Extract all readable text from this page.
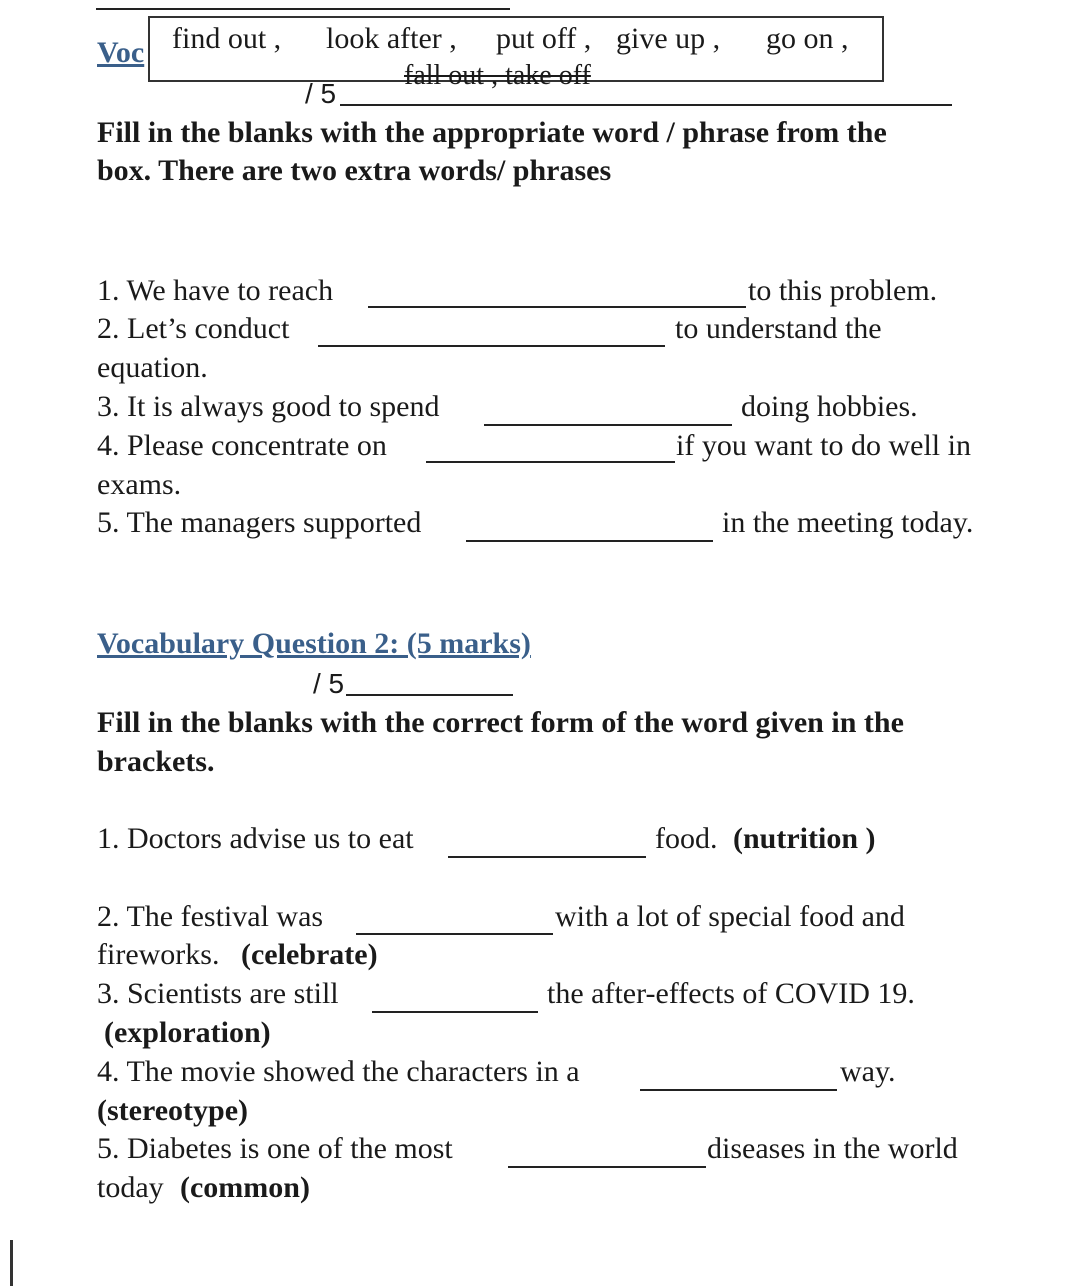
Voc find out , look after , put off , give up , go on ,
fall out , take off
/ 5
Fill in the blanks with the appropriate word / phrase from the
box. There are two extra words/ phrases
1. We have to reach	to this problem.
2. Let’s conduct	to understand the
equation.
3. It is always good to spend	doing hobbies.
4. Please concentrate on	if you want to do well in
exams.
5. The managers supported	in the meeting today.
Vocabulary Question 2: (5 marks)
/ 5
Fill in the blanks with the correct form of the word given in the
brackets.
1. Doctors advise us to eat	food. (nutrition )
2. The festival was	with a lot of special food and
fireworks. (celebrate)
3. Scientists are still	the after-effects of COVID 19.
(exploration)
4. The movie showed the characters in a	way.
(stereotype)
5. Diabetes is one of the most	diseases in the world
today (common)
